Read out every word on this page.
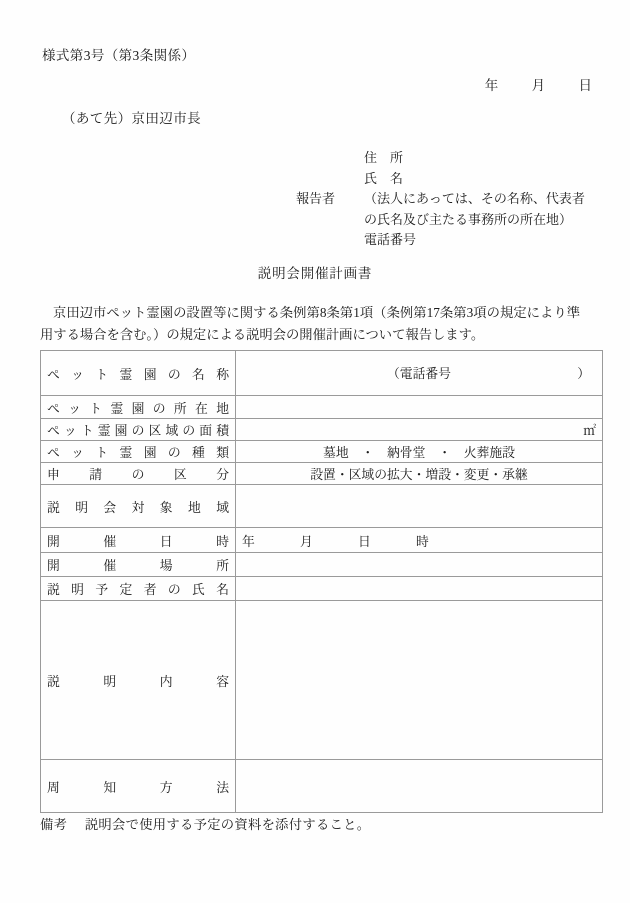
様式第3号（第3条関係）
年 月 日
（あて先）京田辺市長
住　所
氏　名
報告者	（法人にあっては、その名称、代表者
の氏名及び主たる事務所の所在地）
電話番号
説明会開催計画書
京田辺市ペット霊園の設置等に関する条例第8条第1項（条例第17条第3項の規定により準用する場合を含む。）の規定による説明会の開催計画について報告します。
ペット霊園の名称	（電話番号 ）

ペット霊園の所在地	
ペット霊園の区域の面積	㎡
ペット霊園の種類	墓地　・　納骨堂　・　火葬施設
申請の区分	設置・区域の拡大・増設・変更・承継
説明会対象地域	
開催日時	年 月 日 時
開催場所	
説明予定者の氏名	
説明内容	
周知方法	
備考 説明会で使用する予定の資料を添付すること。
